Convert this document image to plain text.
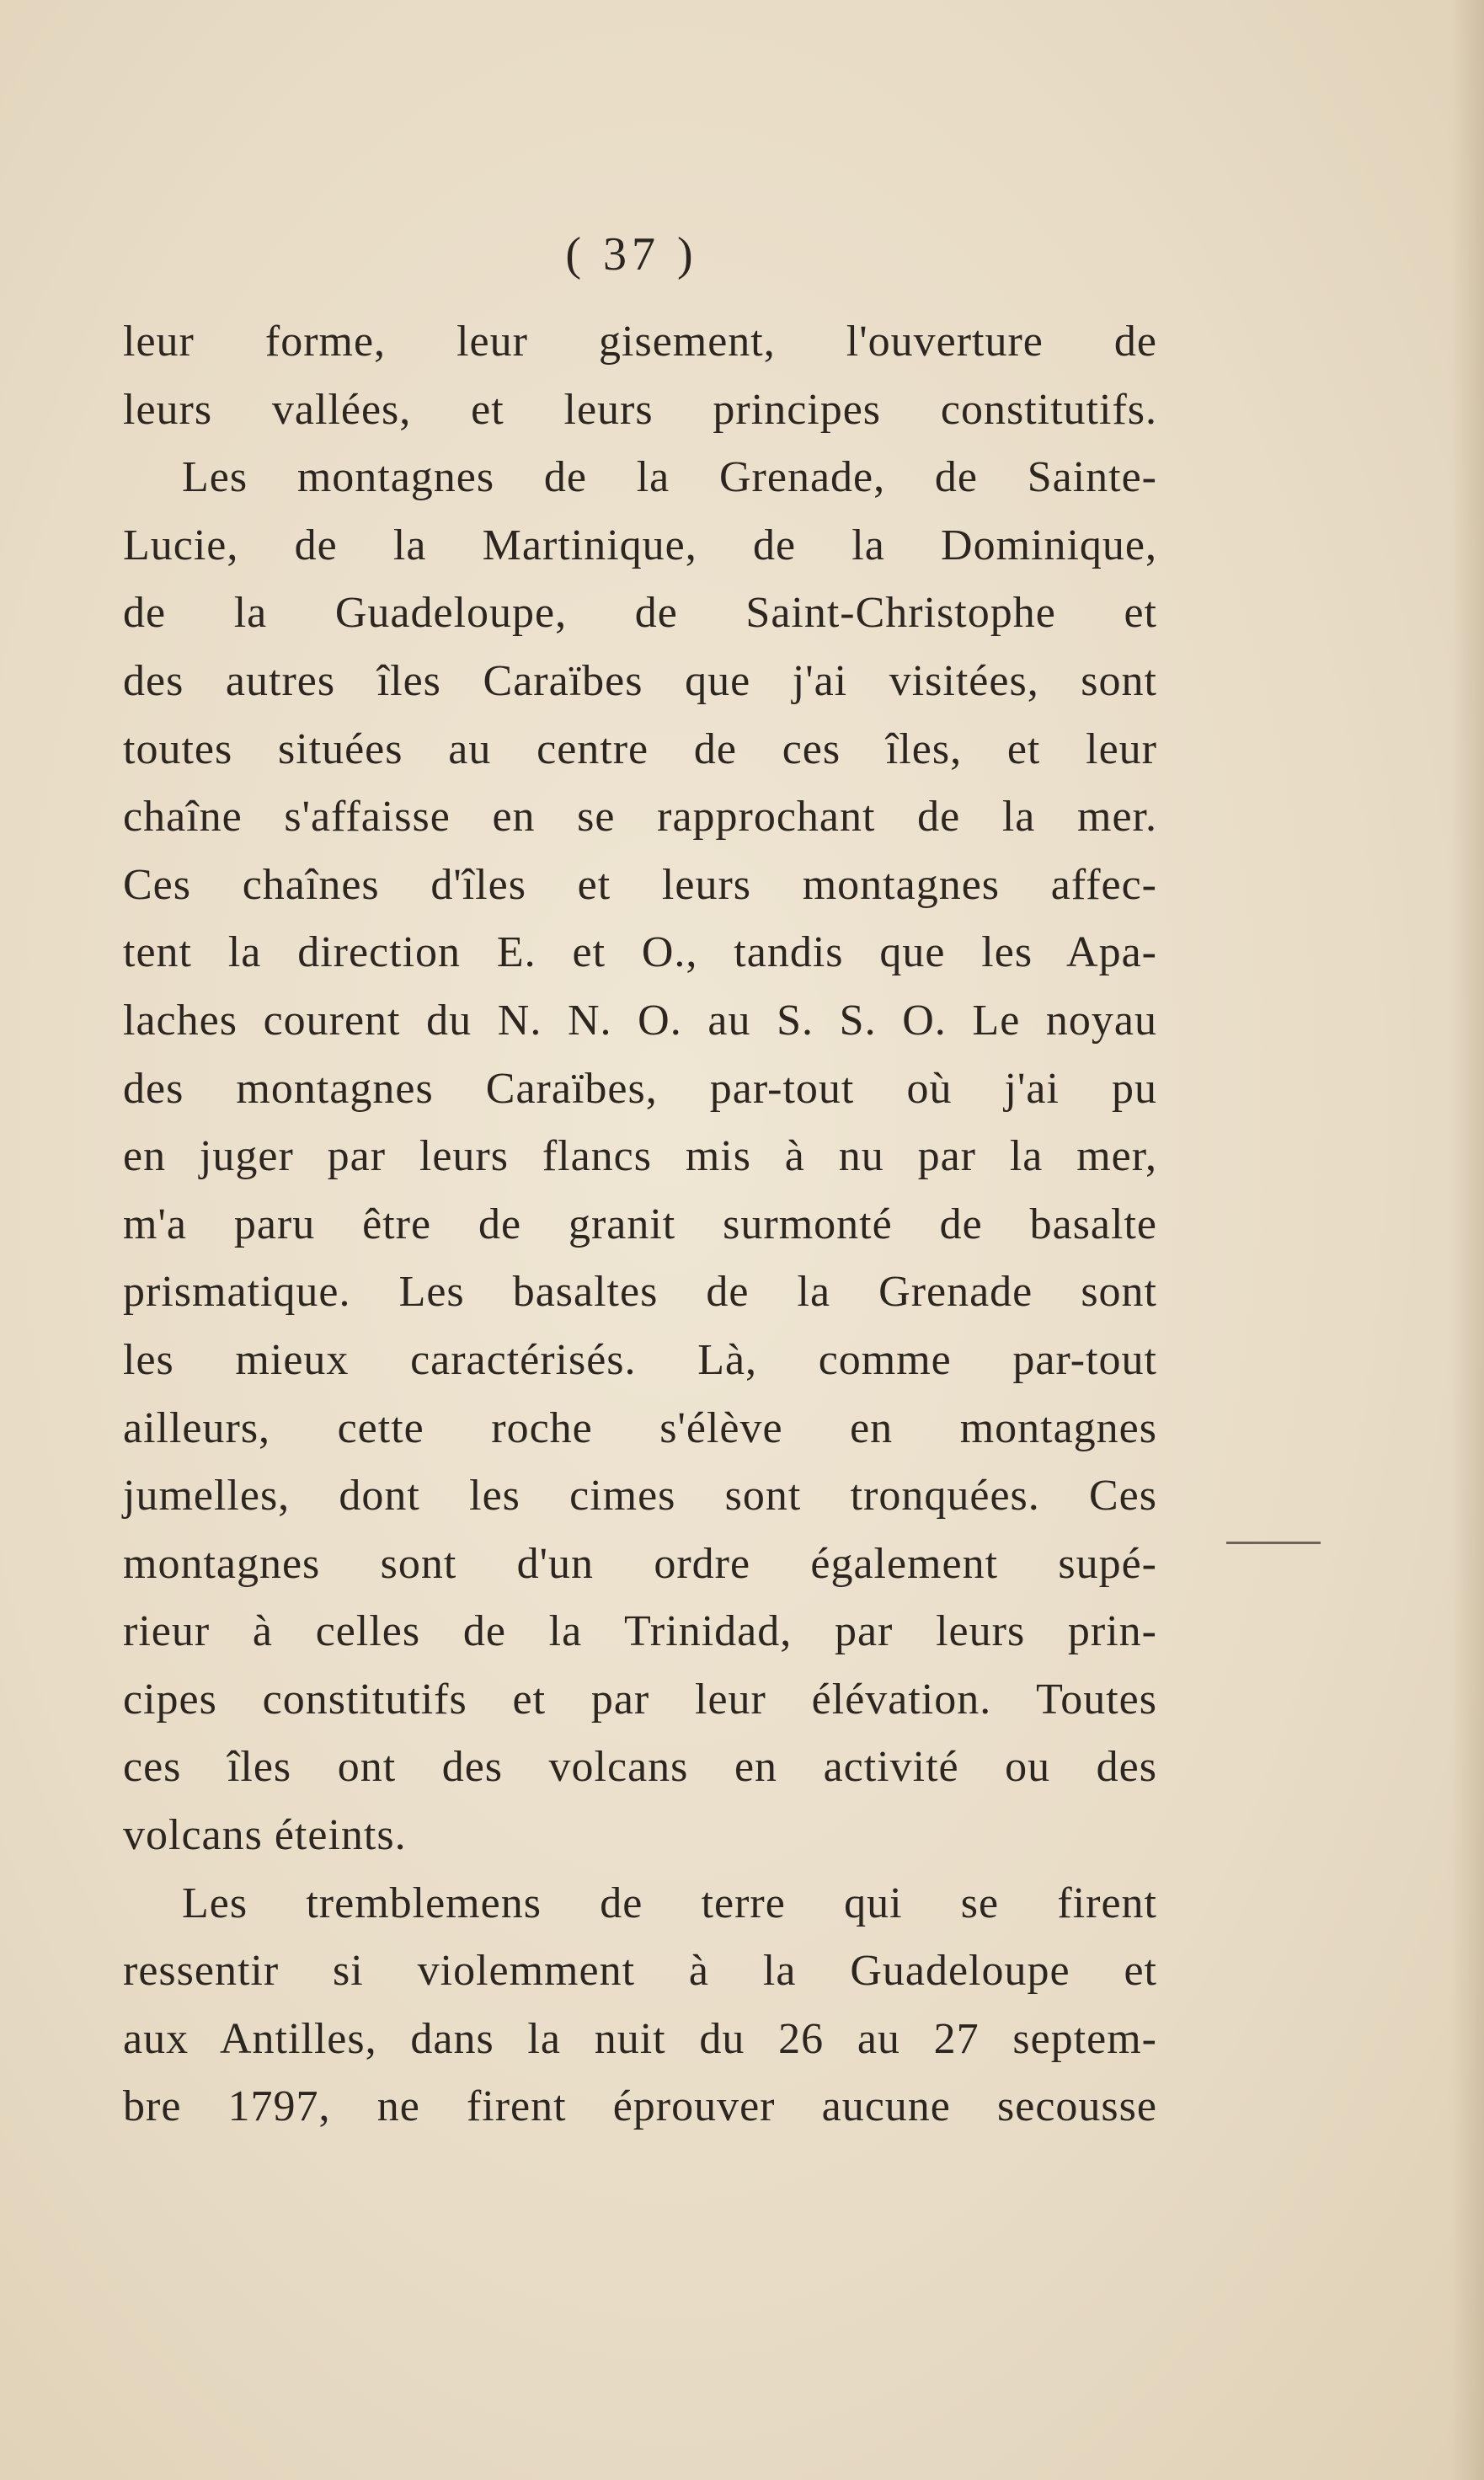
( 37 )
leur forme, leur gisement, l'ouverture de
leurs vallées, et leurs principes constitutifs.
Les montagnes de la Grenade, de Sainte-
Lucie, de la Martinique, de la Dominique,
de la Guadeloupe, de Saint-Christophe et
des autres îles Caraïbes que j'ai visitées, sont
toutes situées au centre de ces îles, et leur
chaîne s'affaisse en se rapprochant de la mer.
Ces chaînes d'îles et leurs montagnes affec-
tent la direction E. et O., tandis que les Apa-
laches courent du N. N. O. au S. S. O. Le noyau
des montagnes Caraïbes, par-tout où j'ai pu
en juger par leurs flancs mis à nu par la mer,
m'a paru être de granit surmonté de basalte
prismatique. Les basaltes de la Grenade sont
les mieux caractérisés. Là, comme par-tout
ailleurs, cette roche s'élève en montagnes
jumelles, dont les cimes sont tronquées. Ces
montagnes sont d'un ordre également supé-
rieur à celles de la Trinidad, par leurs prin-
cipes constitutifs et par leur élévation. Toutes
ces îles ont des volcans en activité ou des
volcans éteints.
Les tremblemens de terre qui se firent
ressentir si violemment à la Guadeloupe et
aux Antilles, dans la nuit du 26 au 27 septem-
bre 1797, ne firent éprouver aucune secousse
